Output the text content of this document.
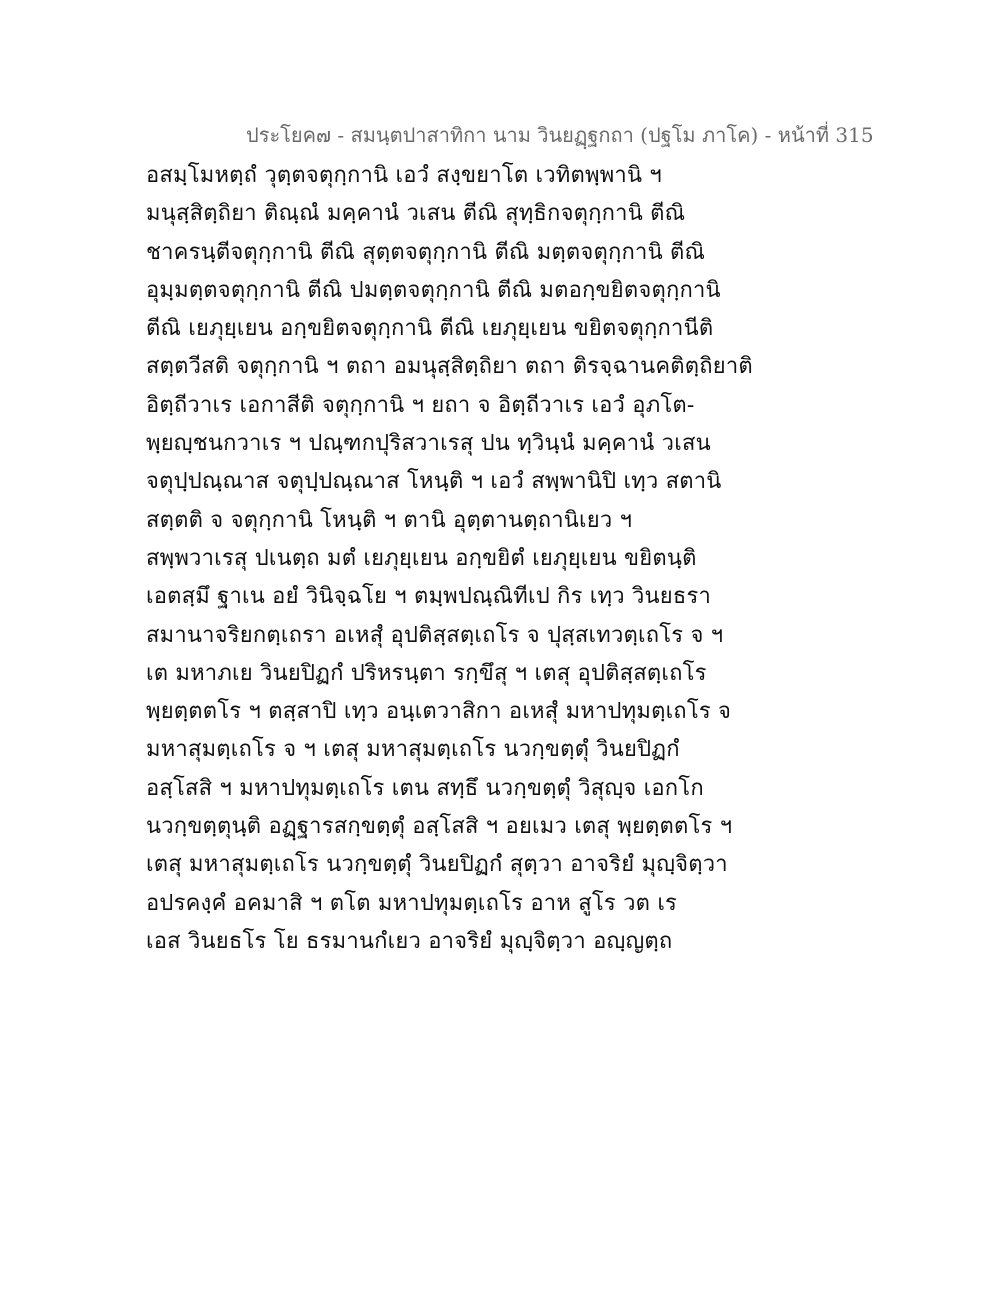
ประโยค๗ - สมนฺตปาสาทิกา นาม วินยฏฺฐกถา (ปฐโม ภาโค) - หน้าที่ 315
อสมฺโมหตฺถํ วุตฺตจตุกฺกานิ เอวํ สงฺขยาโต เวทิตพฺพานิ ฯ
มนุสฺสิตฺถิยา ติณฺณํ มคฺคานํ วเสน ตีณิ สุทฺธิกจตุกฺกานิ ตีณิ
ชาครนฺตีจตุกฺกานิ ตีณิ สุตฺตจตุกฺกานิ ตีณิ มตฺตจตุกฺกานิ ตีณิ
อุมฺมตฺตจตุกฺกานิ ตีณิ ปมตฺตจตุกฺกานิ ตีณิ มตอกฺขยิตจตุกฺกานิ
ตีณิ เยภุยฺเยน อกฺขยิตจตุกฺกานิ ตีณิ เยภุยฺเยน ขยิตจตุกฺกานีติ
สตฺตวีสติ จตุกฺกานิ ฯ ตถา อมนุสฺสิตฺถิยา ตถา ติรจฺฉานคติตฺถิยาติ
อิตฺถีวาเร เอกาสีติ จตุกฺกานิ ฯ ยถา จ อิตฺถีวาเร เอวํ อุภโต-
พฺยญฺชนกวาเร ฯ ปณฺฑกปุริสวาเรสุ ปน ทฺวินฺนํ มคฺคานํ วเสน
จตุปฺปณฺณาส จตุปฺปณฺณาส โหนฺติ ฯ เอวํ สพฺพานิปิ เทฺว สตานิ
สตฺตติ จ จตุกฺกานิ โหนฺติ ฯ ตานิ อุตฺตานตฺถานิเยว ฯ
สพฺพวาเรสุ ปเนตฺถ มตํ เยภุยฺเยน อกฺขยิตํ เยภุยฺเยน ขยิตนฺติ
เอตสฺมึ ฐาเน อยํ วินิจฺฉโย ฯ ตมฺพปณฺณิทีเป กิร เทฺว วินยธรา
สมานาจริยกตฺเถรา อเหสุํ อุปติสฺสตฺเถโร จ ปุสฺสเทวตฺเถโร จ ฯ
เต มหาภเย วินยปิฏกํ ปริหรนฺตา รกฺขึสุ ฯ เตสุ อุปติสฺสตฺเถโร
พฺยตฺตตโร ฯ ตสฺสาปิ เทฺว อนฺเตวาสิกา อเหสุํ มหาปทุมตฺเถโร จ
มหาสุมตฺเถโร จ ฯ เตสุ มหาสุมตฺเถโร นวกฺขตฺตุํ วินยปิฏกํ
อสฺโสสิ ฯ มหาปทุมตฺเถโร เตน สทฺธึ นวกฺขตฺตุํ วิสุญฺจ เอกโก
นวกฺขตฺตุนฺติ อฏฺฐารสกฺขตฺตุํ อสฺโสสิ ฯ อยเมว เตสุ พฺยตฺตตโร ฯ
เตสุ มหาสุมตฺเถโร นวกฺขตฺตุํ วินยปิฏกํ สุตฺวา อาจริยํ มุญฺจิตฺวา
อปรคงฺคํ อคมาสิ ฯ ตโต มหาปทุมตฺเถโร อาห สูโร วต เร
เอส วินยธโร โย ธรมานกํเยว อาจริยํ มุญฺจิตฺวา อญฺญตฺถ
